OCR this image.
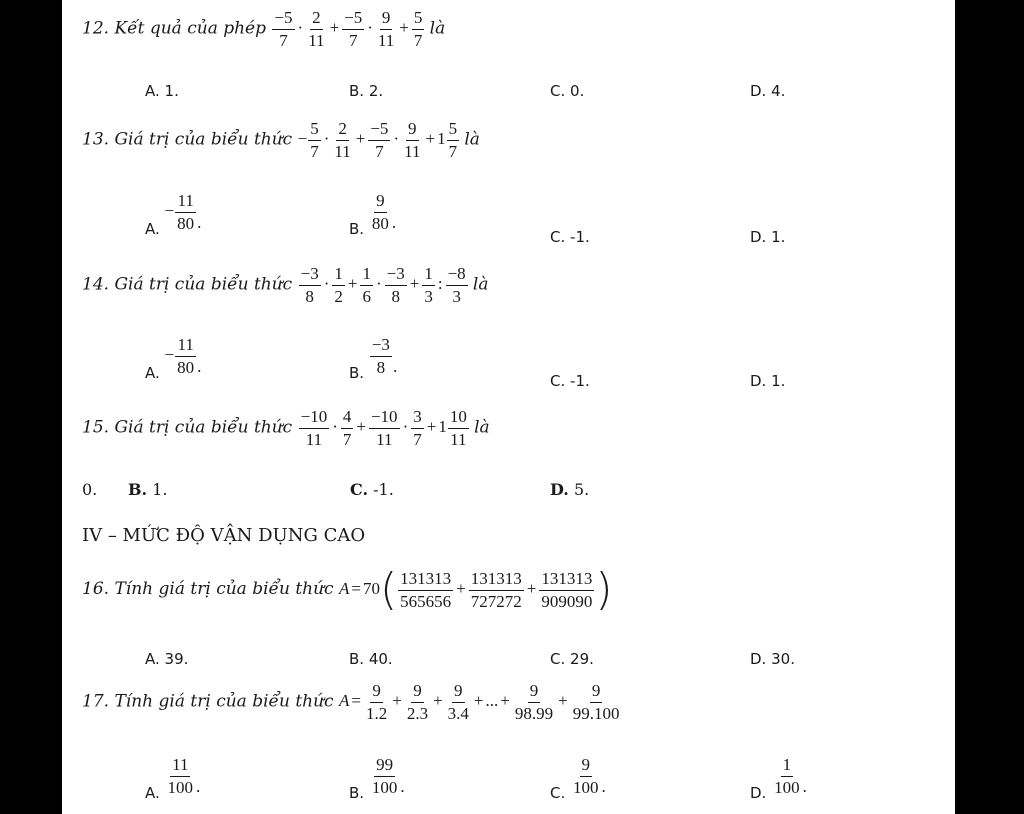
12. Kết quả của phép $\frac{-5}{7} \cdot \frac{2}{11} + \frac{-5}{7} \cdot \frac{9}{11} + \frac{5}{7}$ là
A. 1.	B. 2.	C. 0.	D. 4.
13. Giá trị của biểu thức − $\frac{5}{7} \cdot \frac{2}{11} + \frac{-5}{7} \cdot \frac{9}{11} + 1 \frac{5}{7}$ là
A. − $\frac{11}{80}$ .	B. $\frac{9}{80}$ .
C. -1.	D. 1.
14. Giá trị của biểu thức $\frac{-3}{8} \cdot \frac{1}{2} + \frac{1}{6} \cdot \frac{-3}{8} + \frac{1}{3}$ : $\frac{-8}{3}$ là
A. − $\frac{11}{80}$ .	B. $\frac{-3}{8}$ .
C. -1.	D. 1.
15. Giá trị của biểu thức $\frac{-10}{11} \cdot \frac{4}{7} + \frac{-10}{11} \cdot \frac{3}{7} + 1 \frac{10}{11}$ là
0. B. 1.	C. -1.	D. 5.
IV – MỨC ĐỘ VẬN DỤNG CAO
16. Tính giá trị của biểu thức $A = 70( \frac{131313}{565656} + \frac{131313}{727272} + \frac{131313}{909090}$ )
A. 39.	B. 40.	C. 29.	D. 30.
17. Tính giá trị của biểu thức $A = \frac{9}{1.2} + \frac{9}{2.3} + \frac{9}{3.4}$ + ... + $\frac{9}{98.99} + \frac{9}{99.100}$
A. $\frac{11}{100}$ .	B. $\frac{99}{100}$ .	C. $\frac{9}{100}$ .	D. $\frac{1}{100}$ .
